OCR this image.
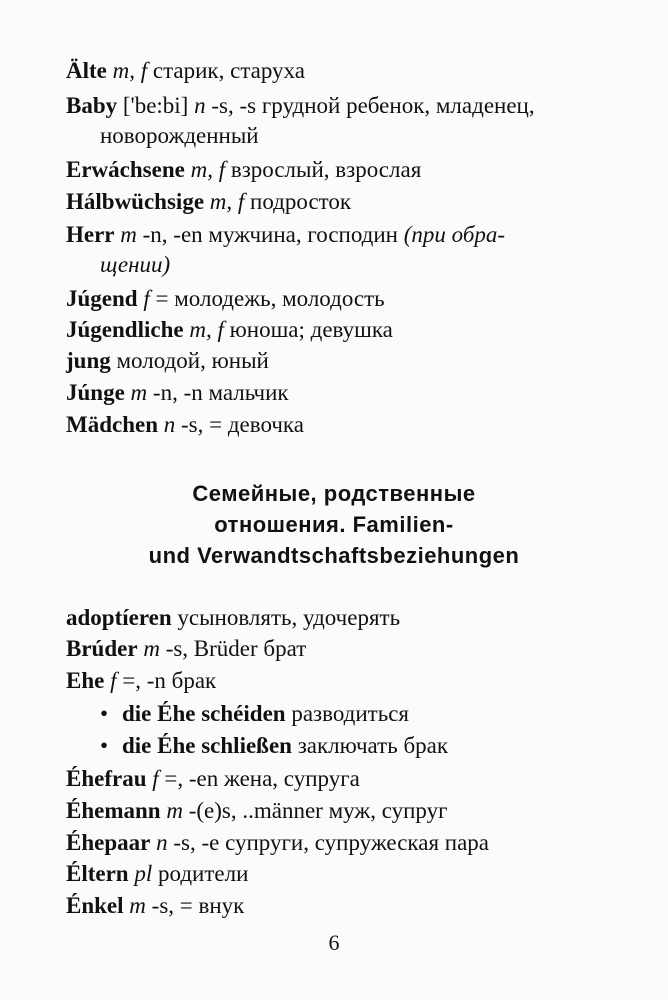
Älte m, f старик, старуха
Baby ['be:bi] n -s, -s грудной ребенок, младенец,
новорожденный
Erwáchsene m, f взрослый, взрослая
Hálbwüchsige m, f подросток
Herr m -n, -en мужчина, господин (при обра-
щении)
Júgend f = молодежь, молодость
Júgendliche m, f юноша; девушка
jung молодой, юный
Júnge m -n, -n мальчик
Mädchen n -s, = девочка
Семейные, родственные
отношения. Familien-
und Verwandtschaftsbeziehungen
adoptíeren усыновлять, удочерять
Brúder m -s, Brüder брат
Ehe f =, -n брак
• die Éhe schéiden разводиться
• die Éhe schließen заключать брак
Éhefrau f =, -en жена, супруга
Éhemann m -(e)s, ..männer муж, супруг
Éhepaar n -s, -e супруги, супружеская пара
Éltern pl родители
Énkel m -s, = внук
6
